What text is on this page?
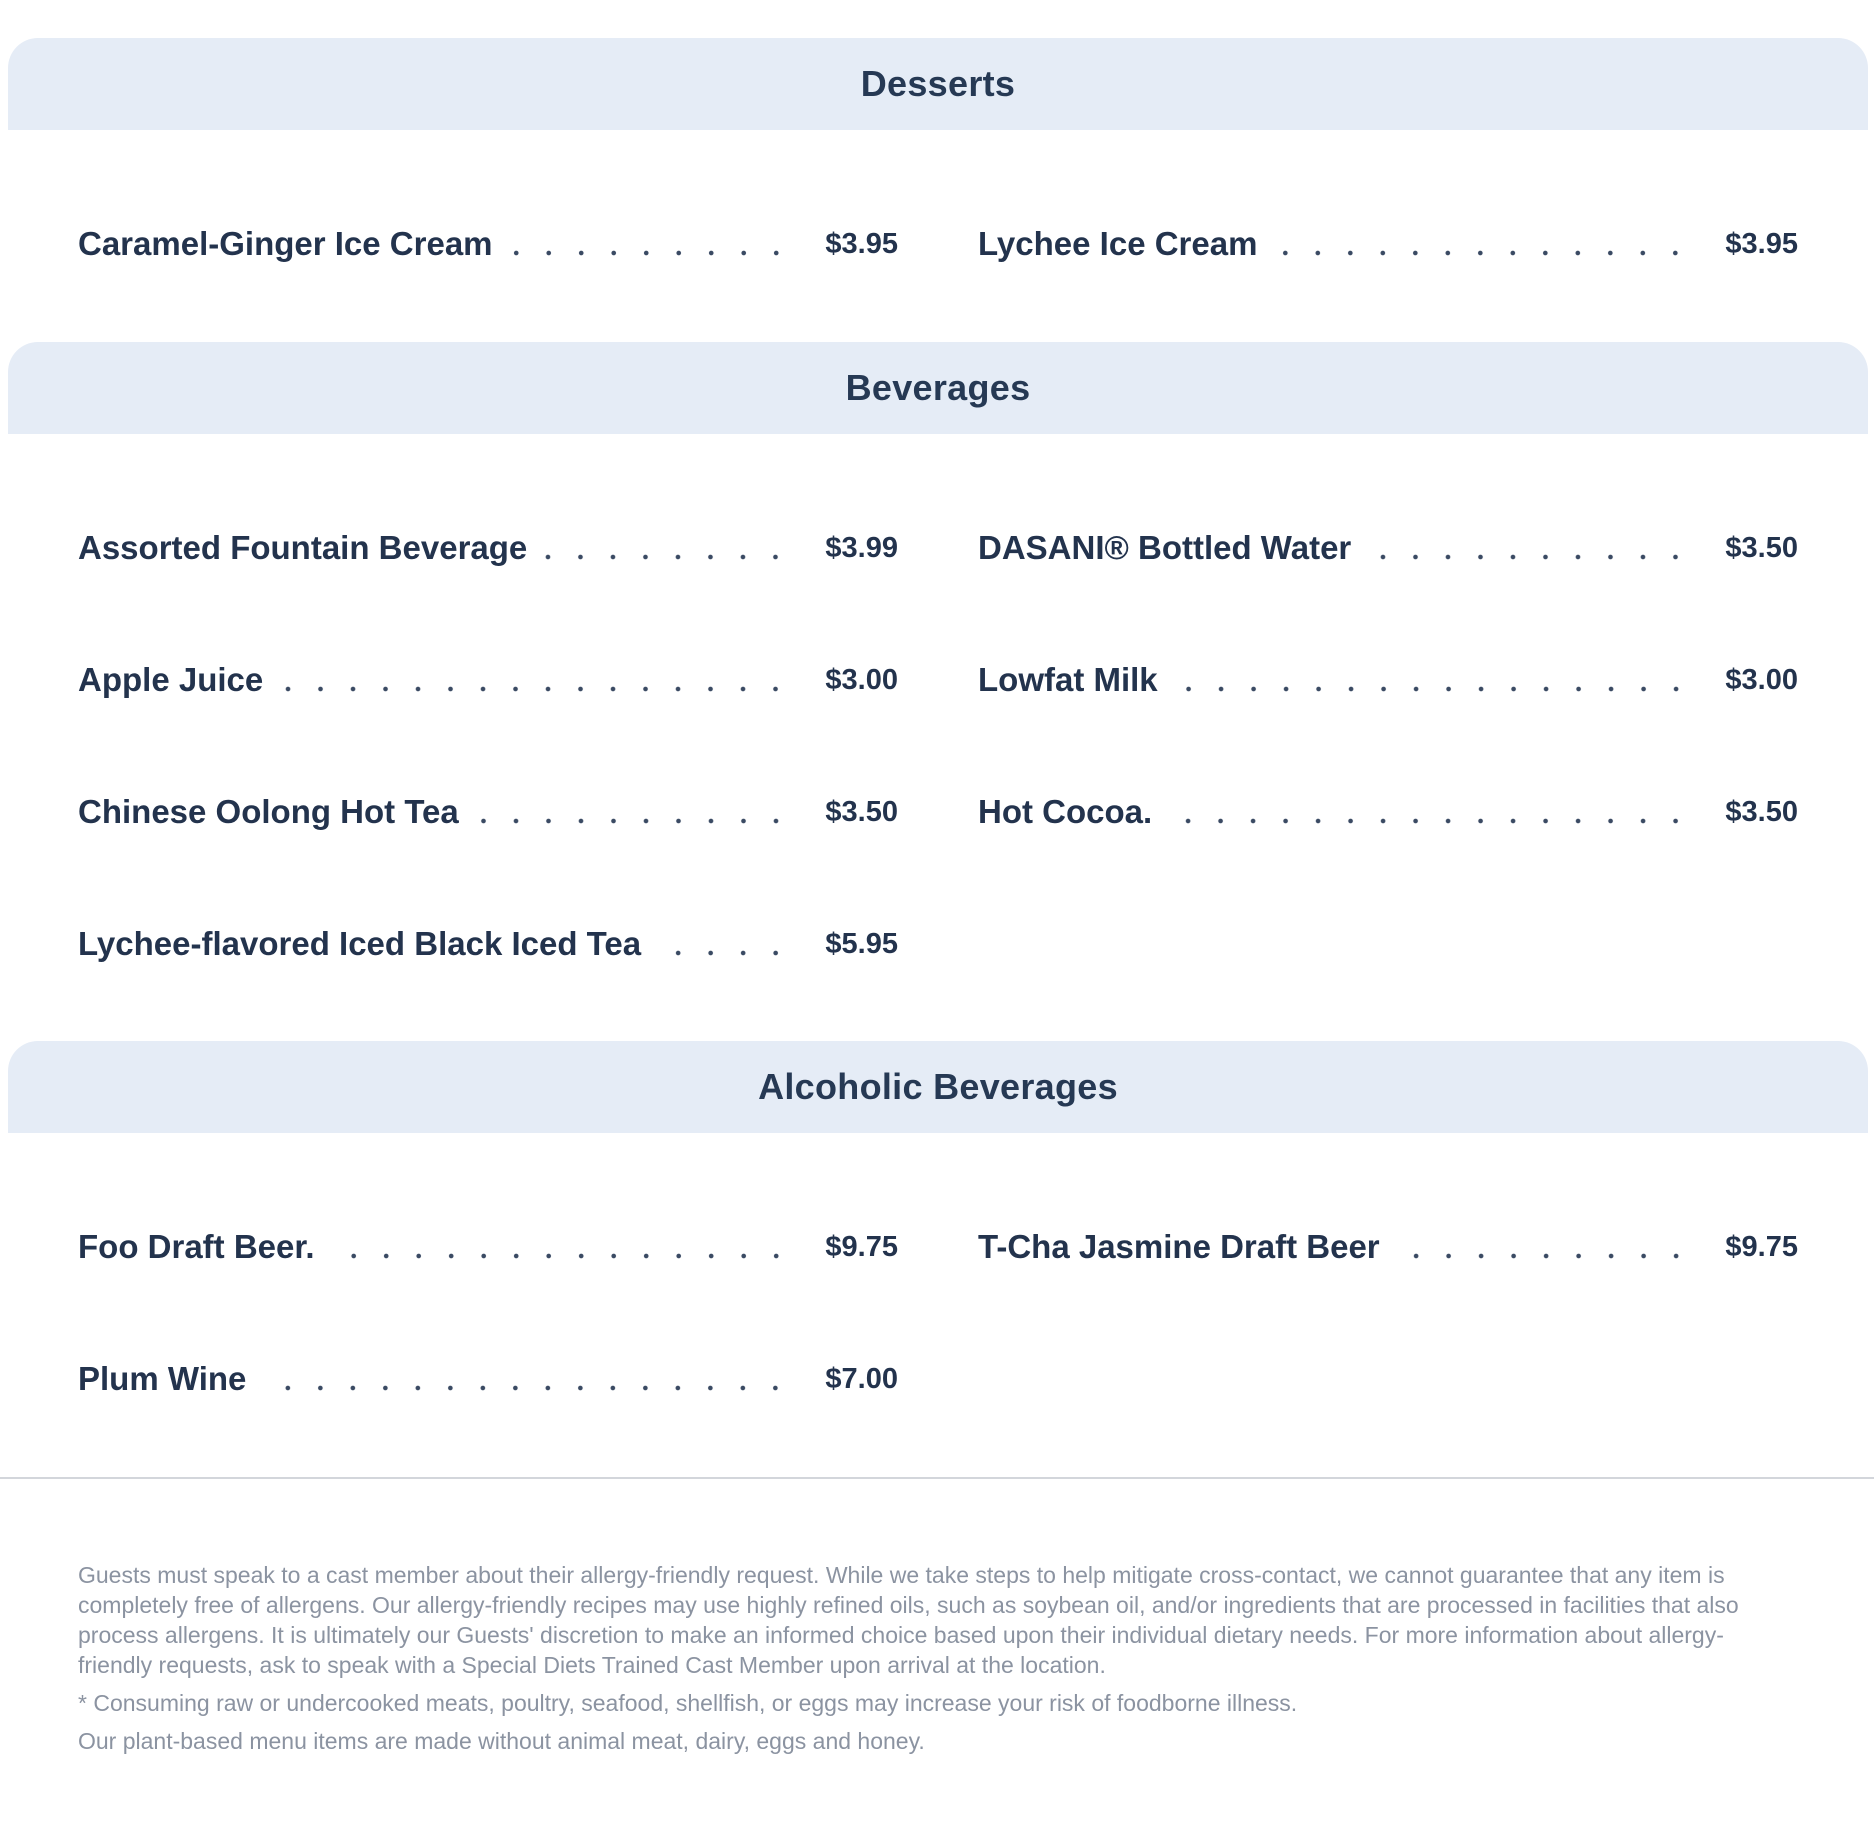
Desserts
Caramel-Ginger Ice Cream	$3.95 Lychee Ice Cream	$3.95
Beverages
Assorted Fountain Beverage	$3.99 DASANI® Bottled Water	$3.50
Apple Juice	$3.00 Lowfat Milk	$3.00
Chinese Oolong Hot Tea	$3.50 Hot Cocoa.	$3.50
Lychee-flavored Iced Black Iced Tea	$5.95
Alcoholic Beverages
Foo Draft Beer.	$9.75 T-Cha Jasmine Draft Beer	$9.75
Plum Wine	$7.00

Guests must speak to a cast member about their allergy-friendly request. While we take steps to help mitigate cross-contact, we cannot guarantee that any item is completely free of allergens. Our allergy-friendly recipes may use highly refined oils, such as soybean oil, and/or ingredients that are processed in facilities that also process allergens. It is ultimately our Guests' discretion to make an informed choice based upon their individual dietary needs. For more information about allergy-friendly requests, ask to speak with a Special Diets Trained Cast Member upon arrival at the location.

* Consuming raw or undercooked meats, poultry, seafood, shellfish, or eggs may increase your risk of foodborne illness.

Our plant-based menu items are made without animal meat, dairy, eggs and honey.
